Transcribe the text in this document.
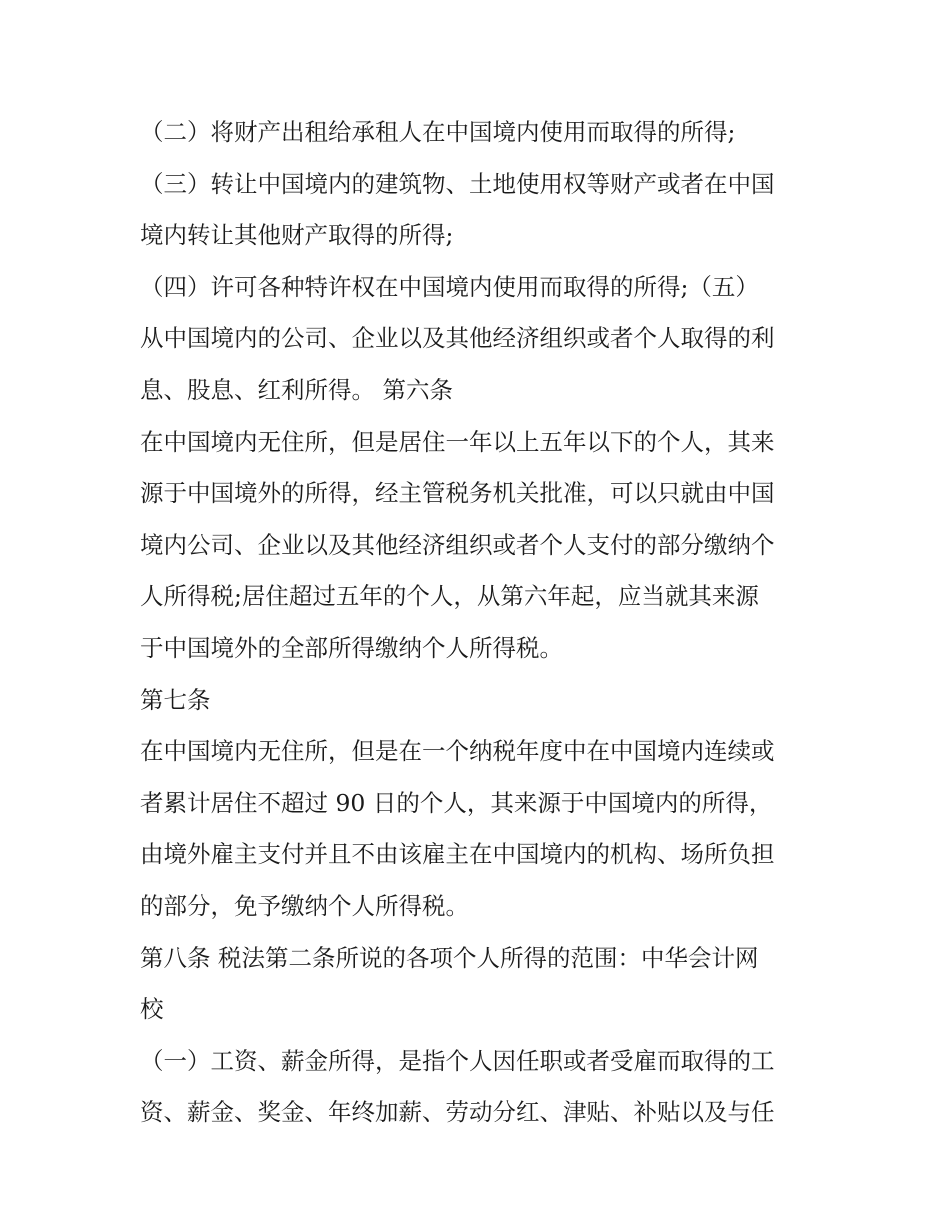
（二）将财产出租给承租人在中国境内使用而取得的所得;
（三）转让中国境内的建筑物、土地使用权等财产或者在中国
境内转让其他财产取得的所得;
（四）许可各种特许权在中国境内使用而取得的所得;（五）
从中国境内的公司、企业以及其他经济组织或者个人取得的利
息、股息、红利所得。 第六条
在中国境内无住所，但是居住一年以上五年以下的个人，其来
源于中国境外的所得，经主管税务机关批准，可以只就由中国
境内公司、企业以及其他经济组织或者个人支付的部分缴纳个
人所得税;居住超过五年的个人，从第六年起，应当就其来源
于中国境外的全部所得缴纳个人所得税。
第七条
在中国境内无住所，但是在一个纳税年度中在中国境内连续或
者累计居住不超过 90 日的个人，其来源于中国境内的所得，
由境外雇主支付并且不由该雇主在中国境内的机构、场所负担
的部分，免予缴纳个人所得税。
第八条 税法第二条所说的各项个人所得的范围：中华会计网
校
（一）工资、薪金所得，是指个人因任职或者受雇而取得的工
资、薪金、奖金、年终加薪、劳动分红、津贴、补贴以及与任
